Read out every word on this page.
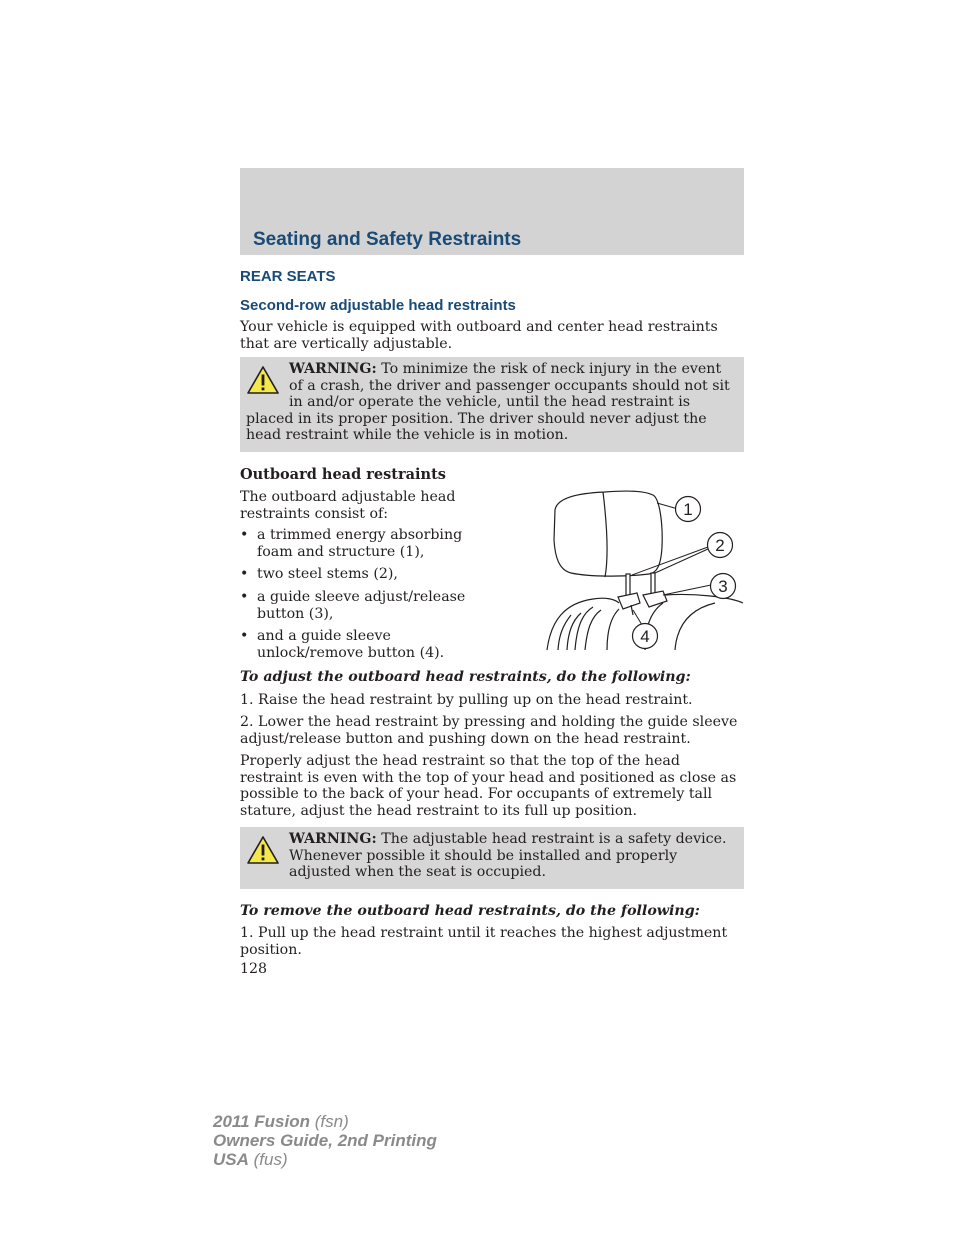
Seating and Safety Restraints
REAR SEATS
Second-row adjustable head restraints

Your vehicle is equipped with outboard and center head restraints that are vertically adjustable.

WARNING: To minimize the risk of neck injury in the event of a crash, the driver and passenger occupants should not sit in and/or operate the vehicle, until the head restraint is placed in its proper position. The driver should never adjust the head restraint while the vehicle is in motion.

Outboard head restraints

The outboard adjustable head restraints consist of:

• a trimmed energy absorbing foam and structure (1),
• two steel stems (2),
• a guide sleeve adjust/release button (3),
• and a guide sleeve unlock/remove button (4).
1
2
3
4

To adjust the outboard head restraints, do the following:

1. Raise the head restraint by pulling up on the head restraint.

2. Lower the head restraint by pressing and holding the guide sleeve adjust/release button and pushing down on the head restraint.

Properly adjust the head restraint so that the top of the head restraint is even with the top of your head and positioned as close as possible to the back of your head. For occupants of extremely tall stature, adjust the head restraint to its full up position.

WARNING: The adjustable head restraint is a safety device. Whenever possible it should be installed and properly adjusted when the seat is occupied.

To remove the outboard head restraints, do the following:

1. Pull up the head restraint until it reaches the highest adjustment position.

128

2011 Fusion (fsn)
Owners Guide, 2nd Printing
USA (fus)
